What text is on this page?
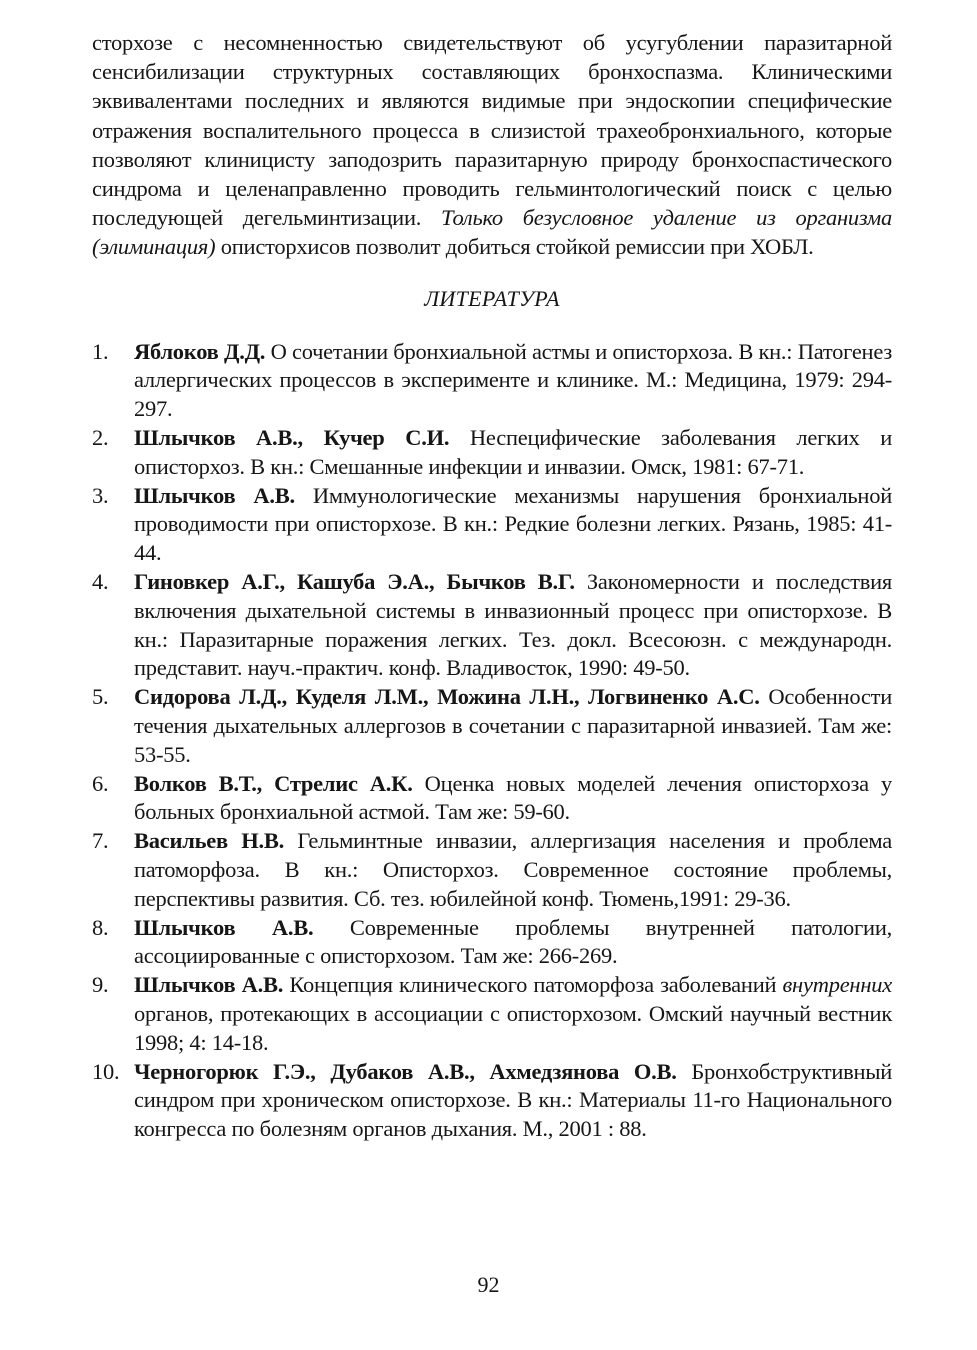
сторхозе с несомненностью свидетельствуют об усугублении паразитарной сенсибилизации структурных составляющих бронхоспазма. Клиническими эквивалентами последних и являются видимые при эндоскопии специфические отражения воспалительного процесса в слизистой трахеобронхиального, которые позволяют клиницисту заподозрить паразитарную природу бронхоспастического синдрома и целенаправленно проводить гельминтологический поиск с целью последующей дегельминтизации. Только безусловное удаление из организма (элиминация) описторхисов позволит добиться стойкой ремиссии при ХОБЛ.

ЛИТЕРАТУРА
1.	Яблоков Д.Д. О сочетании бронхиальной астмы и описторхоза. В кн.: Патогенез аллергических процессов в эксперименте и клинике. М.: Медицина, 1979: 294-297.
2.	Шлычков А.В., Кучер С.И. Неспецифические заболевания легких и описторхоз. В кн.: Смешанные инфекции и инвазии. Омск, 1981: 67-71.
3.	Шлычков А.В. Иммунологические механизмы нарушения бронхиальной проводимости при описторхозе. В кн.: Редкие болезни легких. Рязань, 1985: 41-44.
4.	Гиновкер А.Г., Кашуба Э.А., Бычков В.Г. Закономерности и последствия включения дыхательной системы в инвазионный процесс при описторхозе. В кн.: Паразитарные поражения легких. Тез. докл. Всесоюзн. с международн. представит. науч.-практич. конф. Владивосток, 1990: 49-50.
5.	Сидорова Л.Д., Куделя Л.М., Можина Л.Н., Логвиненко А.С. Особенности течения дыхательных аллергозов в сочетании с паразитарной инвазией. Там же: 53-55.
6.	Волков В.Т., Стрелис А.К. Оценка новых моделей лечения описторхоза у больных бронхиальной астмой. Там же: 59-60.
7.	Васильев Н.В. Гельминтные инвазии, аллергизация населения и проблема патоморфоза. В кн.: Описторхоз. Современное состояние проблемы, перспективы развития. Сб. тез. юбилейной конф. Тюмень,1991: 29-36.
8.	Шлычков А.В. Современные проблемы внутренней патологии, ассоциированные с описторхозом. Там же: 266-269.
9.	Шлычков А.В. Концепция клинического патоморфоза заболеваний внутренних органов, протекающих в ассоциации с описторхозом. Омский научный вестник 1998; 4: 14-18.
10. Черногорюк Г.Э., Дубаков А.В., Ахмедзянова О.В. Бронхобструктивный синдром при хроническом описторхозе. В кн.: Материалы 11-го Национального конгресса по болезням органов дыхания. М., 2001 : 88.
92
